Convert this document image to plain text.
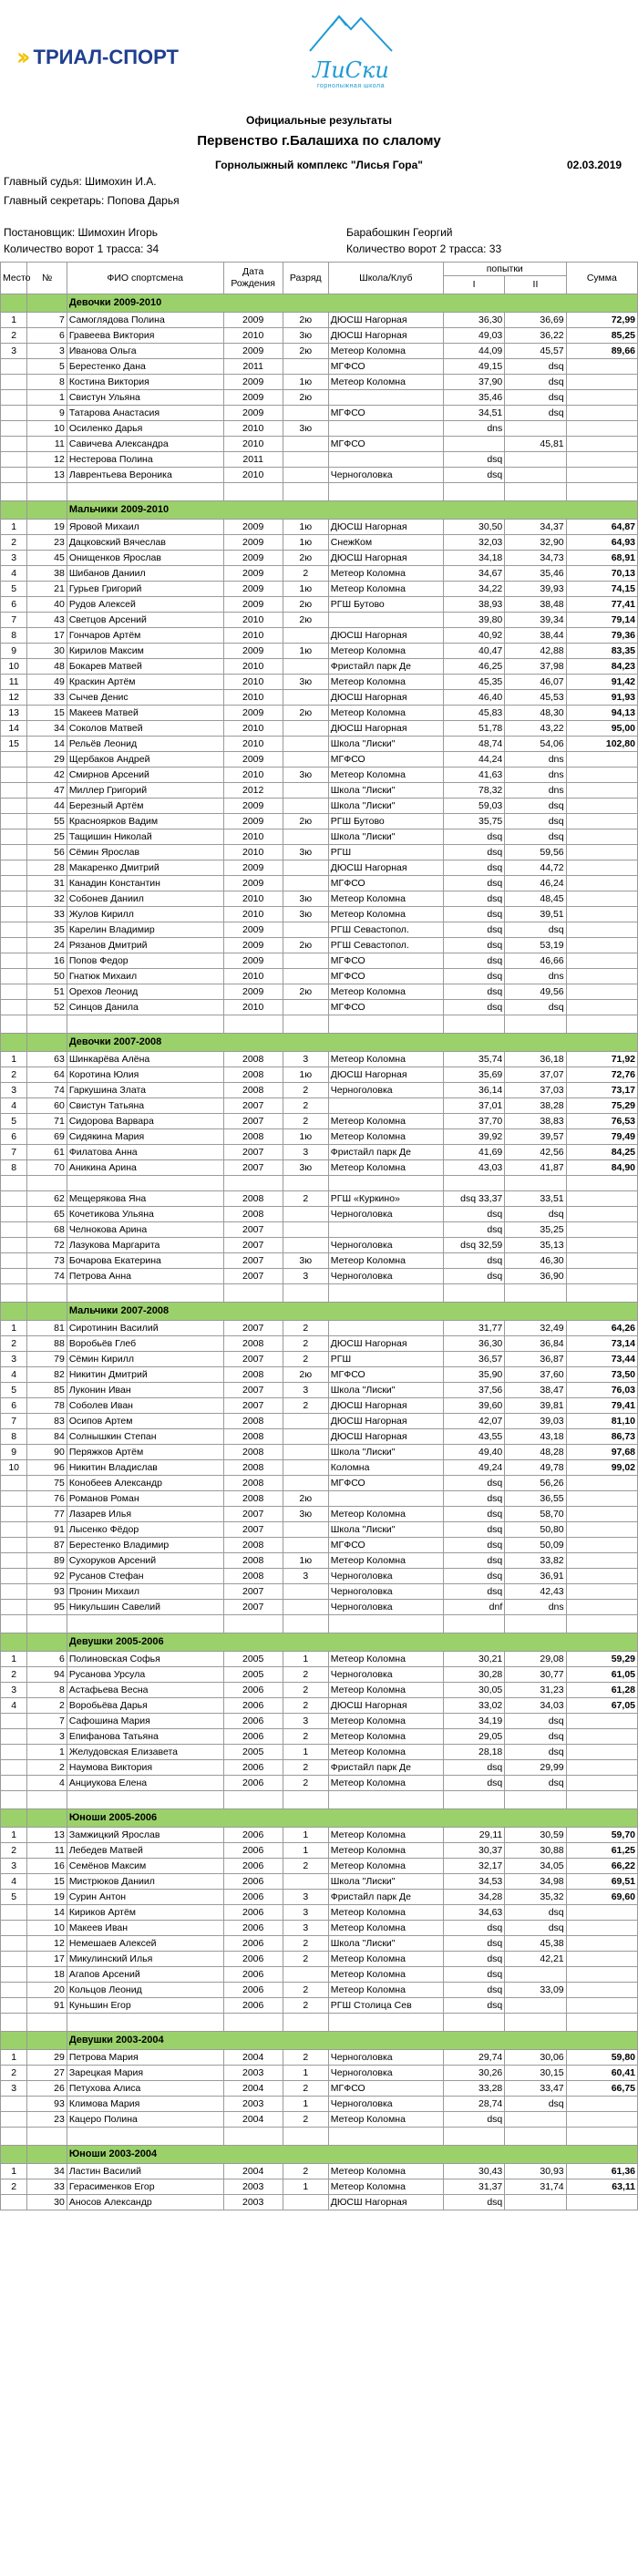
›› ТРИАЛ-СПОРТ
ЛиСки
горнолыжная школа
Официальные результаты
Первенство г.Балашиха по слалому
Горнолыжный комплекс "Лисья Гора"	02.03.2019
Главный судья: Шимохин И.А.
Главный секретарь: Попова Дарья
Постановщик: Шимохин Игорь	Барабошкин Георгий
Количество ворот 1 трасса: 34	Количество ворот 2 трасса: 33
Место	№	ФИО спортсмена	Дата Рождения	Разряд	Школа/Клуб	попытки		Сумма
						I	II	
		Девочки 2009-2010						
1	7	Самоглядова Полина	2009	2ю	ДЮСШ Нагорная	36,30	36,69	72,99
2	6	Гравеева Виктория	2010	3ю	ДЮСШ Нагорная	49,03	36,22	85,25
3	3	Иванова Ольга	2009	2ю	Метеор Коломна	44,09	45,57	89,66
	5	Берестенко Дана	2011		МГФСО	49,15	dsq	
	8	Костина Виктория	2009	1ю	Метеор Коломна	37,90	dsq	
	1	Свистун Ульяна	2009	2ю		35,46	dsq	
	9	Татарова Анастасия	2009		МГФСО	34,51	dsq	
	10	Осиленко Дарья	2010	3ю		dns		
	11	Савичева Александра	2010		МГФСО		45,81	
	12	Нестерова Полина	2011			dsq		
	13	Лаврентьева Вероника	2010		Черноголовка	dsq		

		Мальчики 2009-2010						
1	19	Яровой Михаил	2009	1ю	ДЮСШ Нагорная	30,50	34,37	64,87
2	23	Дацковский Вячеслав	2009	1ю	СнежКом	32,03	32,90	64,93
3	45	Онищенков Ярослав	2009	2ю	ДЮСШ Нагорная	34,18	34,73	68,91
4	38	Шибанов Даниил	2009	2	Метеор Коломна	34,67	35,46	70,13
5	21	Гурьев Григорий	2009	1ю	Метеор Коломна	34,22	39,93	74,15
6	40	Рудов Алексей	2009	2ю	РГШ Бутово	38,93	38,48	77,41
7	43	Светцов Арсений	2010	2ю		39,80	39,34	79,14
8	17	Гончаров Артём	2010		ДЮСШ Нагорная	40,92	38,44	79,36
9	30	Кирилов Максим	2009	1ю	Метеор Коломна	40,47	42,88	83,35
10	48	Бокарев Матвей	2010		Фристайл парк Де	46,25	37,98	84,23
11	49	Краскин Артём	2010	3ю	Метеор Коломна	45,35	46,07	91,42
12	33	Сычев Денис	2010		ДЮСШ Нагорная	46,40	45,53	91,93
13	15	Макеев Матвей	2009	2ю	Метеор Коломна	45,83	48,30	94,13
14	34	Соколов Матвей	2010		ДЮСШ Нагорная	51,78	43,22	95,00
15	14	Рельёв Леонид	2010		Школа "Лиски"	48,74	54,06	102,80
	29	Щербаков Андрей	2009		МГФСО	44,24	dns	
	42	Смирнов Арсений	2010	3ю	Метеор Коломна	41,63	dns	
	47	Миллер Григорий	2012		Школа "Лиски"	78,32	dns	
	44	Березный Артём	2009		Школа "Лиски"	59,03	dsq	
	55	Красноярков Вадим	2009	2ю	РГШ Бутово	35,75	dsq	
	25	Тащишин Николай	2010		Школа "Лиски"	dsq	dsq	
	56	Сёмин Ярослав	2010	3ю	РГШ	dsq	59,56	
	28	Макаренко Дмитрий	2009		ДЮСШ Нагорная	dsq	44,72	
	31	Канадин Константин	2009		МГФСО	dsq	46,24	
	32	Собонев Даниил	2010	3ю	Метеор Коломна	dsq	48,45	
	33	Жулов Кирилл	2010	3ю	Метеор Коломна	dsq	39,51	
	35	Карелин Владимир	2009		РГШ Севастопол.	dsq	dsq	
	24	Рязанов Дмитрий	2009	2ю	РГШ Севастопол.	dsq	53,19	
	16	Попов Федор	2009		МГФСО	dsq	46,66	
	50	Гнатюк Михаил	2010		МГФСО	dsq	dns	
	51	Орехов Леонид	2009	2ю	Метеор Коломна	dsq	49,56	
	52	Синцов Данила	2010		МГФСО	dsq	dsq	

		Девочки 2007-2008						
1	63	Шинкарёва Алёна	2008	3	Метеор Коломна	35,74	36,18	71,92
2	64	Коротина Юлия	2008	1ю	ДЮСШ Нагорная	35,69	37,07	72,76
3	74	Гаркушина Злата	2008	2	Черноголовка	36,14	37,03	73,17
4	60	Свистун Татьяна	2007	2		37,01	38,28	75,29
5	71	Сидорова Варвара	2007	2	Метеор Коломна	37,70	38,83	76,53
6	69	Сидякина Мария	2008	1ю	Метеор Коломна	39,92	39,57	79,49
7	61	Филатова Анна	2007	3	Фристайл парк Де	41,69	42,56	84,25
8	70	Аникина Арина	2007	3ю	Метеор Коломна	43,03	41,87	84,90

	62	Мещерякова Яна	2008	2	РГШ «Куркино»	dsq 33,37	33,51	
	65	Кочетикова Ульяна	2008		Черноголовка	dsq	dsq	
	68	Челнокова Арина	2007			dsq	35,25	
	72	Лазукова Маргарита	2007		Черноголовка	dsq 32,59	35,13	
	73	Бочарова Екатерина	2007	3ю	Метеор Коломна	dsq	46,30	
	74	Петрова Анна	2007	3	Черноголовка	dsq	36,90	

		Мальчики 2007-2008						
1	81	Сиротинин Василий	2007	2		31,77	32,49	64,26
2	88	Воробьёв Глеб	2008	2	ДЮСШ Нагорная	36,30	36,84	73,14
3	79	Сёмин Кирилл	2007	2	РГШ	36,57	36,87	73,44
4	82	Никитин Дмитрий	2008	2ю	МГФСО	35,90	37,60	73,50
5	85	Луконин Иван	2007	3	Школа "Лиски"	37,56	38,47	76,03
6	78	Соболев Иван	2007	2	ДЮСШ Нагорная	39,60	39,81	79,41
7	83	Осипов Артем	2008		ДЮСШ Нагорная	42,07	39,03	81,10
8	84	Солнышкин Степан	2008		ДЮСШ Нагорная	43,55	43,18	86,73
9	90	Перяжков Артём	2008		Школа "Лиски"	49,40	48,28	97,68
10	96	Никитин Владислав	2008		Коломна	49,24	49,78	99,02
	75	Конобеев Александр	2008		МГФСО	dsq	56,26	
	76	Романов Роман	2008	2ю		dsq	36,55	
	77	Лазарев Илья	2007	3ю	Метеор Коломна	dsq	58,70	
	91	Лысенко Фёдор	2007		Школа "Лиски"	dsq	50,80	
	87	Берестенко Владимир	2008		МГФСО	dsq	50,09	
	89	Сухоруков Арсений	2008	1ю	Метеор Коломна	dsq	33,82	
	92	Русанов Стефан	2008	3	Черноголовка	dsq	36,91	
	93	Пронин Михаил	2007		Черноголовка	dsq	42,43	
	95	Никульшин Савелий	2007		Черноголовка	dnf	dns	

		Девушки 2005-2006						
1	6	Полиновская Софья	2005	1	Метеор Коломна	30,21	29,08	59,29
2	94	Русанова Урсула	2005	2	Черноголовка	30,28	30,77	61,05
3	8	Астафьева Весна	2006	2	Метеор Коломна	30,05	31,23	61,28
4	2	Воробьёва Дарья	2006	2	ДЮСШ Нагорная	33,02	34,03	67,05
	7	Сафошина Мария	2006	3	Метеор Коломна	34,19	dsq	
	3	Епифанова Татьяна	2006	2	Метеор Коломна	29,05	dsq	
	1	Желудовская Елизавета	2005	1	Метеор Коломна	28,18	dsq	
	2	Наумова Виктория	2006	2	Фристайл парк Де	dsq	29,99	
	4	Анциукова Елена	2006	2	Метеор Коломна	dsq	dsq	

		Юноши 2005-2006						
1	13	Замжицкий Ярослав	2006	1	Метеор Коломна	29,11	30,59	59,70
2	11	Лебедев Матвей	2006	1	Метеор Коломна	30,37	30,88	61,25
3	16	Семёнов Максим	2006	2	Метеор Коломна	32,17	34,05	66,22
4	15	Мистрюков Даниил	2006		Школа "Лиски"	34,53	34,98	69,51
5	19	Сурин Антон	2006	3	Фристайл парк Де	34,28	35,32	69,60
	14	Кириков Артём	2006	3	Метеор Коломна	34,63	dsq	
	10	Макеев Иван	2006	3	Метеор Коломна	dsq	dsq	
	12	Немешаев Алексей	2006	2	Школа "Лиски"	dsq	45,38	
	17	Микулинский Илья	2006	2	Метеор Коломна	dsq	42,21	
	18	Агапов Арсений	2006		Метеор Коломна	dsq		
	20	Кольцов Леонид	2006	2	Метеор Коломна	dsq	33,09	
	91	Куньшин Егор	2006	2	РГШ Столица Сев	dsq		

		Девушки 2003-2004						
1	29	Петрова Мария	2004	2	Черноголовка	29,74	30,06	59,80
2	27	Зарецкая Мария	2003	1	Черноголовка	30,26	30,15	60,41
3	26	Петухова Алиса	2004	2	МГФСО	33,28	33,47	66,75
	93	Климова Мария	2003	1	Черноголовка	28,74	dsq	
	23	Кацеро Полина	2004	2	Метеор Коломна	dsq		

		Юноши 2003-2004						
1	34	Ластин Василий	2004	2	Метеор Коломна	30,43	30,93	61,36
2	33	Герасименков Егор	2003	1	Метеор Коломна	31,37	31,74	63,11
	30	Аносов Александр	2003		ДЮСШ Нагорная	dsq		
